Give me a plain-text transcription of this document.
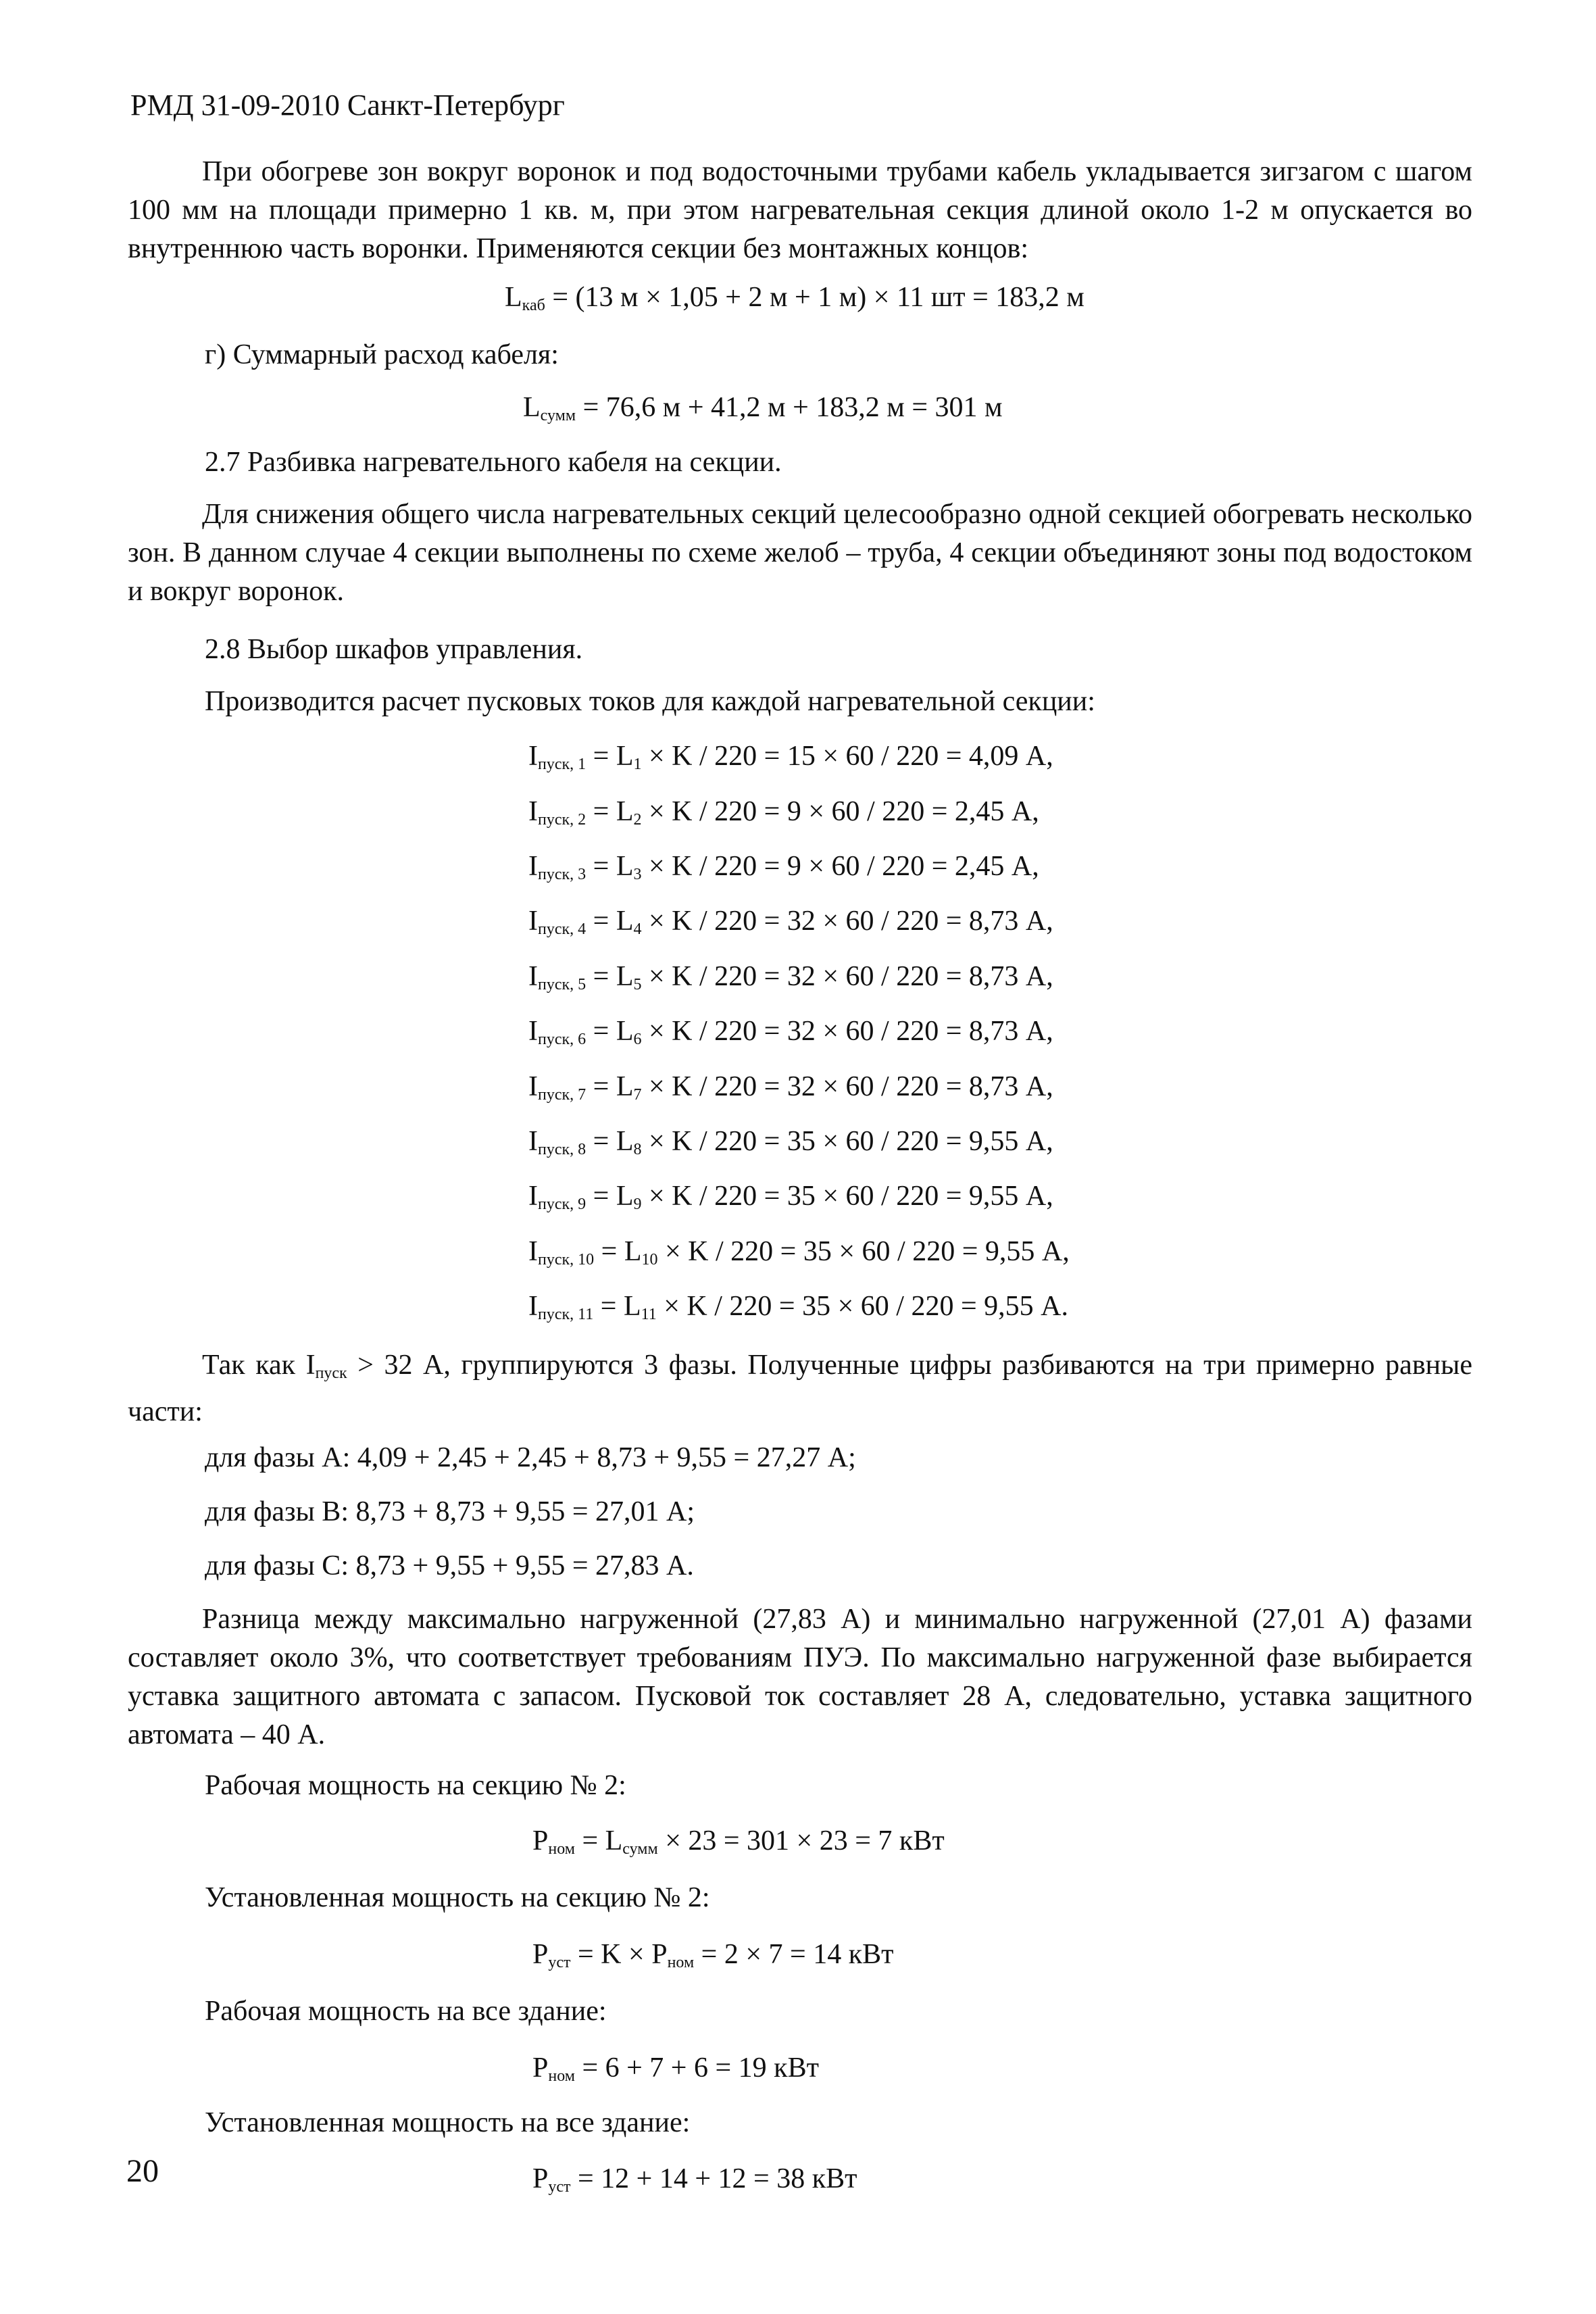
РМД 31-09-2010 Санкт-Петербург
При обогреве зон вокруг воронок и под водосточными трубами кабель укладывается зигзагом с шагом 100 мм на площади примерно 1 кв. м, при этом нагревательная секция длиной около 1-2 м опускается во внутреннюю часть воронки. Применяются секции без монтажных концов:
$L_{каб} = (13$ м × 1,05 + 2 м + 1 м) × 11 шт = 183,2 м
г) Суммарный расход кабеля:
$L_{сумм} = 76,6$ м + 41,2 м + 183,2 м = 301 м
2.7 Разбивка нагревательного кабеля на секции.
Для снижения общего числа нагревательных секций целесообразно одной секцией обогревать несколько зон. В данном случае 4 секции выполнены по схеме желоб – труба, 4 секции объединяют зоны под водостоком и вокруг воронок.
2.8 Выбор шкафов управления.
Производится расчет пусковых токов для каждой нагревательной секции:
$I_{пуск, 1} = L_1 \times K / 220 = 15 \times 60 / 220 = 4,09$ А,
$I_{пуск, 2} = L_2 \times K / 220 = 9 \times 60 / 220 = 2,45$ А,
$I_{пуск, 3} = L_3 \times K / 220 = 9 \times 60 / 220 = 2,45$ А,
$I_{пуск, 4} = L_4 \times K / 220 = 32 \times 60 / 220 = 8,73$ А,
$I_{пуск, 5} = L_5 \times K / 220 = 32 \times 60 / 220 = 8,73$ А,
$I_{пуск, 6} = L_6 \times K / 220 = 32 \times 60 / 220 = 8,73$ А,
$I_{пуск, 7} = L_7 \times K / 220 = 32 \times 60 / 220 = 8,73$ А,
$I_{пуск, 8} = L_8 \times K / 220 = 35 \times 60 / 220 = 9,55$ А,
$I_{пуск, 9} = L_9 \times K / 220 = 35 \times 60 / 220 = 9,55$ А,
$I_{пуск, 10} = L_{10} \times K / 220 = 35 \times 60 / 220 = 9,55$ А,
$I_{пуск, 11} = L_{11} \times K / 220 = 35 \times 60 / 220 = 9,55$ А.
Так как $I_{пуск} > 32$ А, группируются 3 фазы. Полученные цифры разбиваются на три примерно равные части:
для фазы А: 4,09 + 2,45 + 2,45 + 8,73 + 9,55 = 27,27 А;
для фазы В: 8,73 + 8,73 + 9,55 = 27,01 А;
для фазы С: 8,73 + 9,55 + 9,55 = 27,83 А.
Разница между максимально нагруженной (27,83 А) и минимально нагруженной (27,01 А) фазами составляет около 3%, что соответствует требованиям ПУЭ. По максимально нагруженной фазе выбирается уставка защитного автомата с запасом. Пусковой ток составляет 28 А, следовательно, уставка защитного автомата – 40 А.
Рабочая мощность на секцию № 2:
$P_{ном} = L_{сумм} \times 23 = 301 \times 23 = 7$ кВт
Установленная мощность на секцию № 2:
$P_{уст} = K \times P_{ном} = 2 \times 7 = 14$ кВт
Рабочая мощность на все здание:
$P_{ном} = 6 + 7 + 6 = 19$ кВт
Установленная мощность на все здание:
$P_{уст} = 12 + 14 + 12 = 38$ кВт
20
